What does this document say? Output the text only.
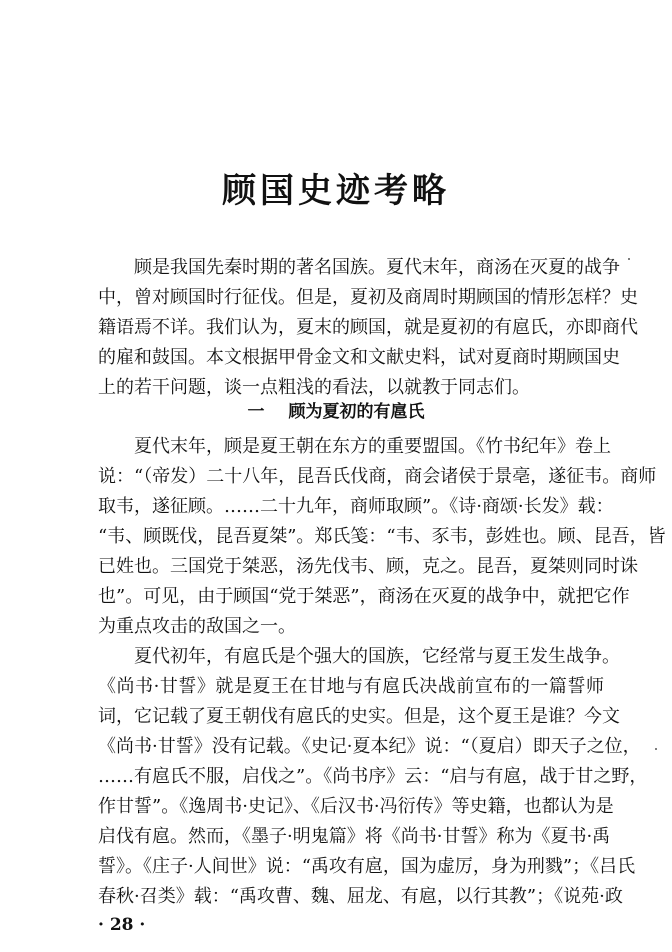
顾国史迹考略
顾是我国先秦时期的著名国族。夏代末年，商汤在灭夏的战争
中，曾对顾国时行征伐。但是，夏初及商周时期顾国的情形怎样？史
籍语焉不详。我们认为，夏末的顾国，就是夏初的有扈氏，亦即商代
的雇和鼓国。本文根据甲骨金文和文献史料，试对夏商时期顾国史
上的若干问题，谈一点粗浅的看法，以就教于同志们。
一 顾为夏初的有扈氏
夏代末年，顾是夏王朝在东方的重要盟国。《竹书纪年》卷上
说：“（帝发）二十八年，昆吾氏伐商，商会诸侯于景亳，遂征韦。商师
取韦，遂征顾。……二十九年，商师取顾”。《诗·商颂·长发》载：
“韦、顾既伐，昆吾夏桀”。郑氏笺：“韦、豕韦，彭姓也。顾、昆吾，皆
已姓也。三国党于桀恶，汤先伐韦、顾，克之。昆吾，夏桀则同时诛
也”。可见，由于顾国“党于桀恶”，商汤在灭夏的战争中，就把它作
为重点攻击的敌国之一。
夏代初年，有扈氏是个强大的国族，它经常与夏王发生战争。
《尚书·甘誓》就是夏王在甘地与有扈氏决战前宣布的一篇誓师
词，它记载了夏王朝伐有扈氏的史实。但是，这个夏王是谁？今文
《尚书·甘誓》没有记载。《史记·夏本纪》说：“（夏启）即天子之位，
……有扈氏不服，启伐之”。《尚书序》云：“启与有扈，战于甘之野，
作甘誓”。《逸周书·史记》、《后汉书·冯衍传》等史籍，也都认为是
启伐有扈。然而，《墨子·明鬼篇》将《尚书·甘誓》称为《夏书·禹
誓》。《庄子·人间世》说：“禹攻有扈，国为虚厉，身为刑戮”；《吕氏
春秋·召类》载：“禹攻曹、魏、屈龙、有扈，以行其教”；《说苑·政
· 28 ·
